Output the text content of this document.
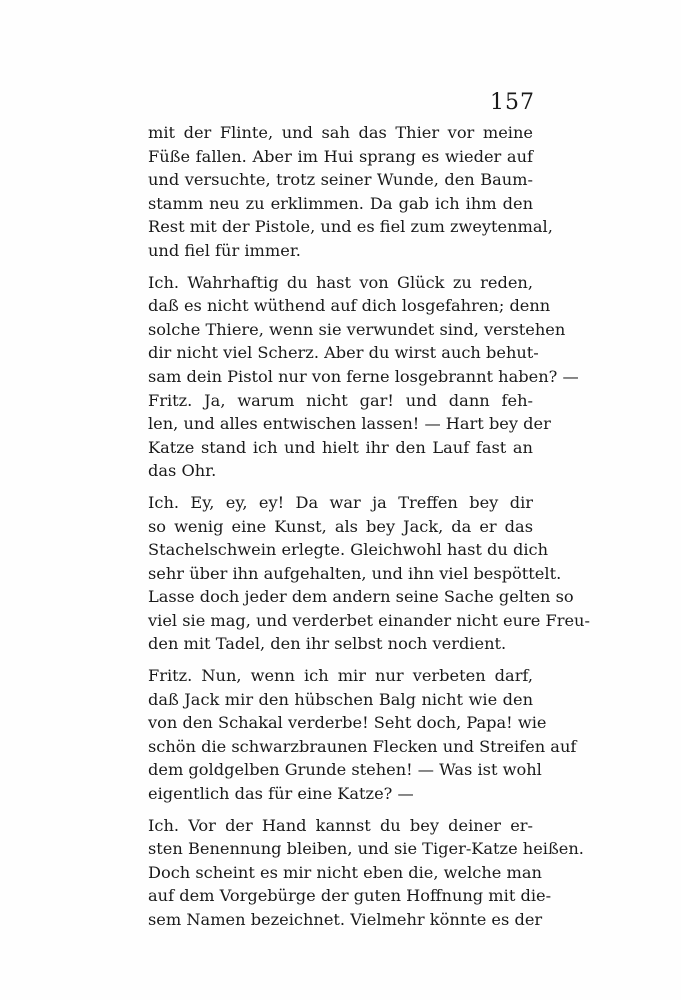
157
mit der Flinte, und sah das Thier vor meine
Füße fallen. Aber im Hui sprang es wieder auf
und versuchte, trotz seiner Wunde, den Baum-
stamm neu zu erklimmen. Da gab ich ihm den
Rest mit der Pistole, und es fiel zum zweytenmal,
und fiel für immer.
Ich. Wahrhaftig du hast von Glück zu reden,
daß es nicht wüthend auf dich losgefahren; denn
solche Thiere, wenn sie verwundet sind, verstehen
dir nicht viel Scherz. Aber du wirst auch behut-
sam dein Pistol nur von ferne losgebrannt haben? —
Fritz. Ja, warum nicht gar! und dann feh-
len, und alles entwischen lassen! — Hart bey der
Katze stand ich und hielt ihr den Lauf fast an
das Ohr.
Ich. Ey, ey, ey! Da war ja Treffen bey dir
so wenig eine Kunst, als bey Jack, da er das
Stachelschwein erlegte. Gleichwohl hast du dich
sehr über ihn aufgehalten, und ihn viel bespöttelt.
Lasse doch jeder dem andern seine Sache gelten so
viel sie mag, und verderbet einander nicht eure Freu-
den mit Tadel, den ihr selbst noch verdient.
Fritz. Nun, wenn ich mir nur verbeten darf,
daß Jack mir den hübschen Balg nicht wie den
von den Schakal verderbe! Seht doch, Papa! wie
schön die schwarzbraunen Flecken und Streifen auf
dem goldgelben Grunde stehen! — Was ist wohl
eigentlich das für eine Katze? —
Ich. Vor der Hand kannst du bey deiner er-
sten Benennung bleiben, und sie Tiger-Katze heißen.
Doch scheint es mir nicht eben die, welche man
auf dem Vorgebürge der guten Hoffnung mit die-
sem Namen bezeichnet. Vielmehr könnte es der
